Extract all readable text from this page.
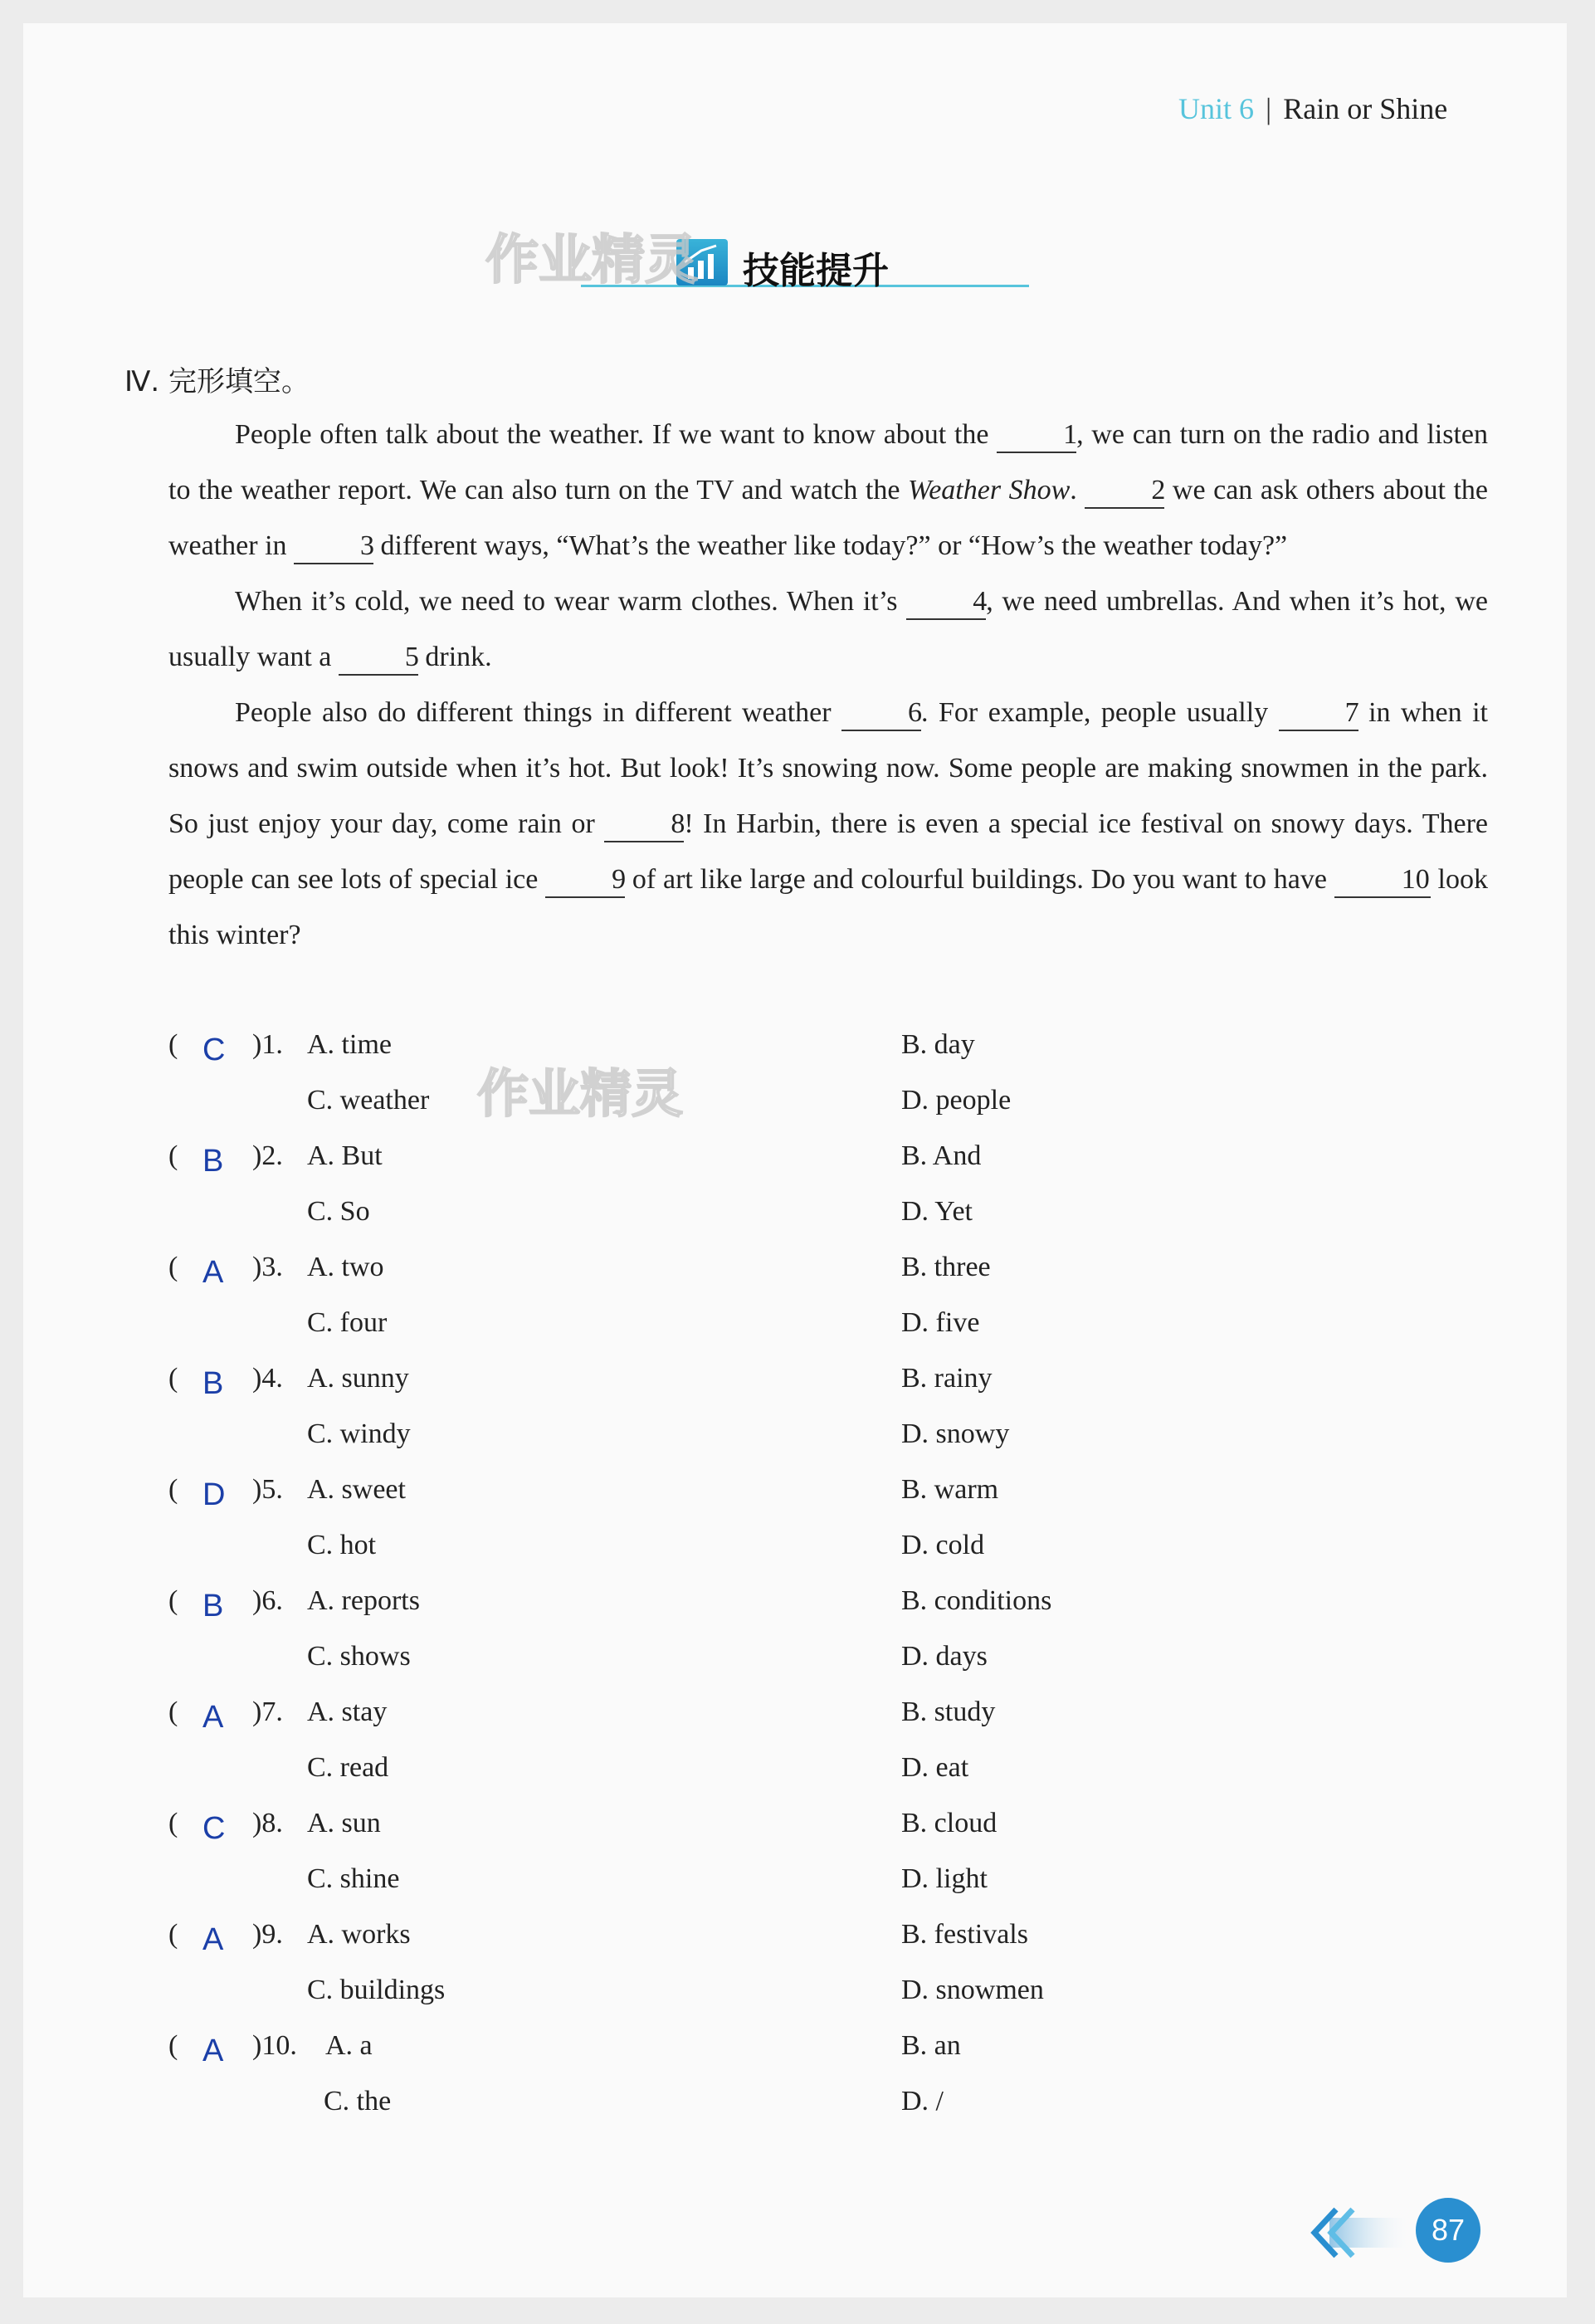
Unit 6 | Rain or Shine
技能提升
作业精灵
作业精灵
Ⅳ. 完形填空。

People often talk about the weather. If we want to know about the 1, we can turn on the radio and listen to the weather report. We can also turn on the TV and watch the Weather Show. 2 we can ask others about the weather in 3 different ways, “What’s the weather like today?” or “How’s the weather today?”

When it’s cold, we need to wear warm clothes. When it’s 4, we need umbrellas. And when it’s hot, we usually want a 5 drink.

People also do different things in different weather 6. For example, people usually 7 in when it snows and swim outside when it’s hot. But look! It’s snowing now. Some people are making snowmen in the park. So just enjoy your day, come rain or 8! In Harbin, there is even a special ice festival on snowy days. There people can see lots of special ice 9 of art like large and colourful buildings. Do you want to have 10 look this winter?

( C )1. A. time	B. day
C. weather	D. people
( B )2. A. But	B. And
C. So	D. Yet
( A )3. A. two	B. three
C. four	D. five
( B )4. A. sunny	B. rainy
C. windy	D. snowy
( D )5. A. sweet	B. warm
C. hot	D. cold
( B )6. A. reports	B. conditions
C. shows	D. days
( A )7. A. stay	B. study
C. read	D. eat
( C )8. A. sun	B. cloud
C. shine	D. light
( A )9. A. works	B. festivals
C. buildings	D. snowmen
( A )10. A. a	B. an
C. the	D. /
87
